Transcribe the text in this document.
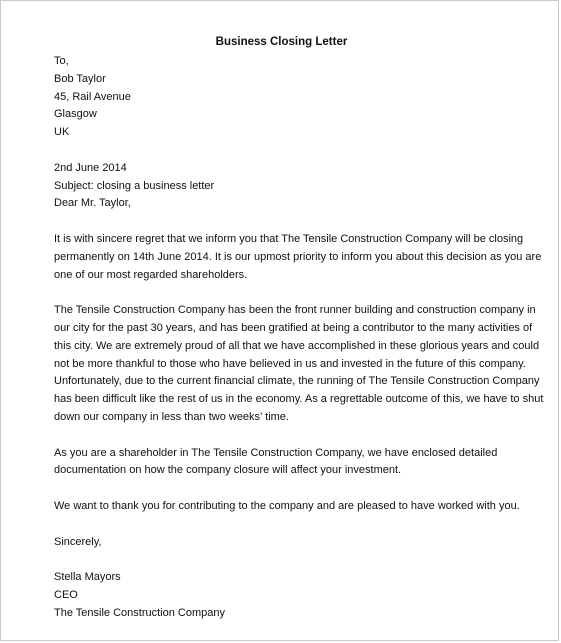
Business Closing Letter
To,
Bob Taylor
45, Rail Avenue
Glasgow
UK
2nd June 2014
Subject: closing a business letter
Dear Mr. Taylor,
It is with sincere regret that we inform you that The Tensile Construction Company will be closing
permanently on 14th June 2014. It is our upmost priority to inform you about this decision as you are
one of our most regarded shareholders.
The Tensile Construction Company has been the front runner building and construction company in
our city for the past 30 years, and has been gratified at being a contributor to the many activities of
this city. We are extremely proud of all that we have accomplished in these glorious years and could
not be more thankful to those who have believed in us and invested in the future of this company.
Unfortunately, due to the current financial climate, the running of The Tensile Construction Company
has been difficult like the rest of us in the economy. As a regrettable outcome of this, we have to shut
down our company in less than two weeks’ time.
As you are a shareholder in The Tensile Construction Company, we have enclosed detailed
documentation on how the company closure will affect your investment.
We want to thank you for contributing to the company and are pleased to have worked with you.
Sincerely,
Stella Mayors
CEO
The Tensile Construction Company
